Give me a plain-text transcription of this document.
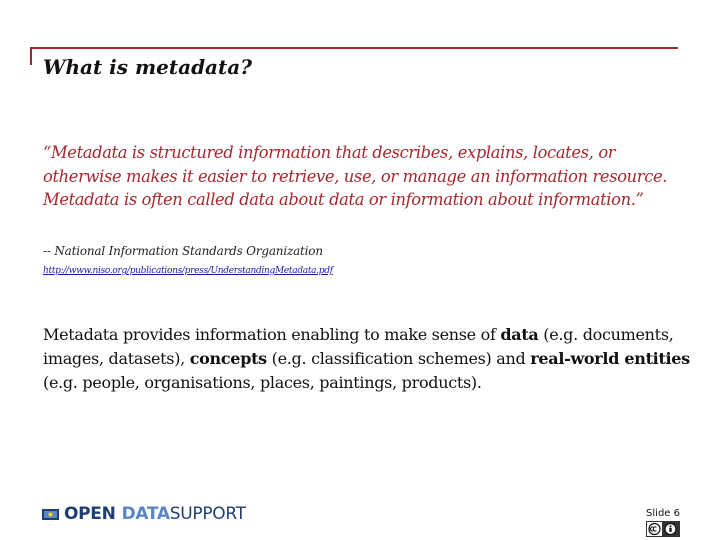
What is metadata?
“Metadata is structured information that describes, explains, locates, or otherwise makes it easier to retrieve, use, or manage an information resource. Metadata is often called data about data or information about information.”
-- National Information Standards Organization
http://www.niso.org/publications/press/UnderstandingMetadata.pdf
Metadata provides information enabling to make sense of data (e.g. documents, images, datasets), concepts (e.g. classification schemes) and real-world entities (e.g. people, organisations, places, paintings, products).
OPEN DATA SUPPORT	Slide 6
